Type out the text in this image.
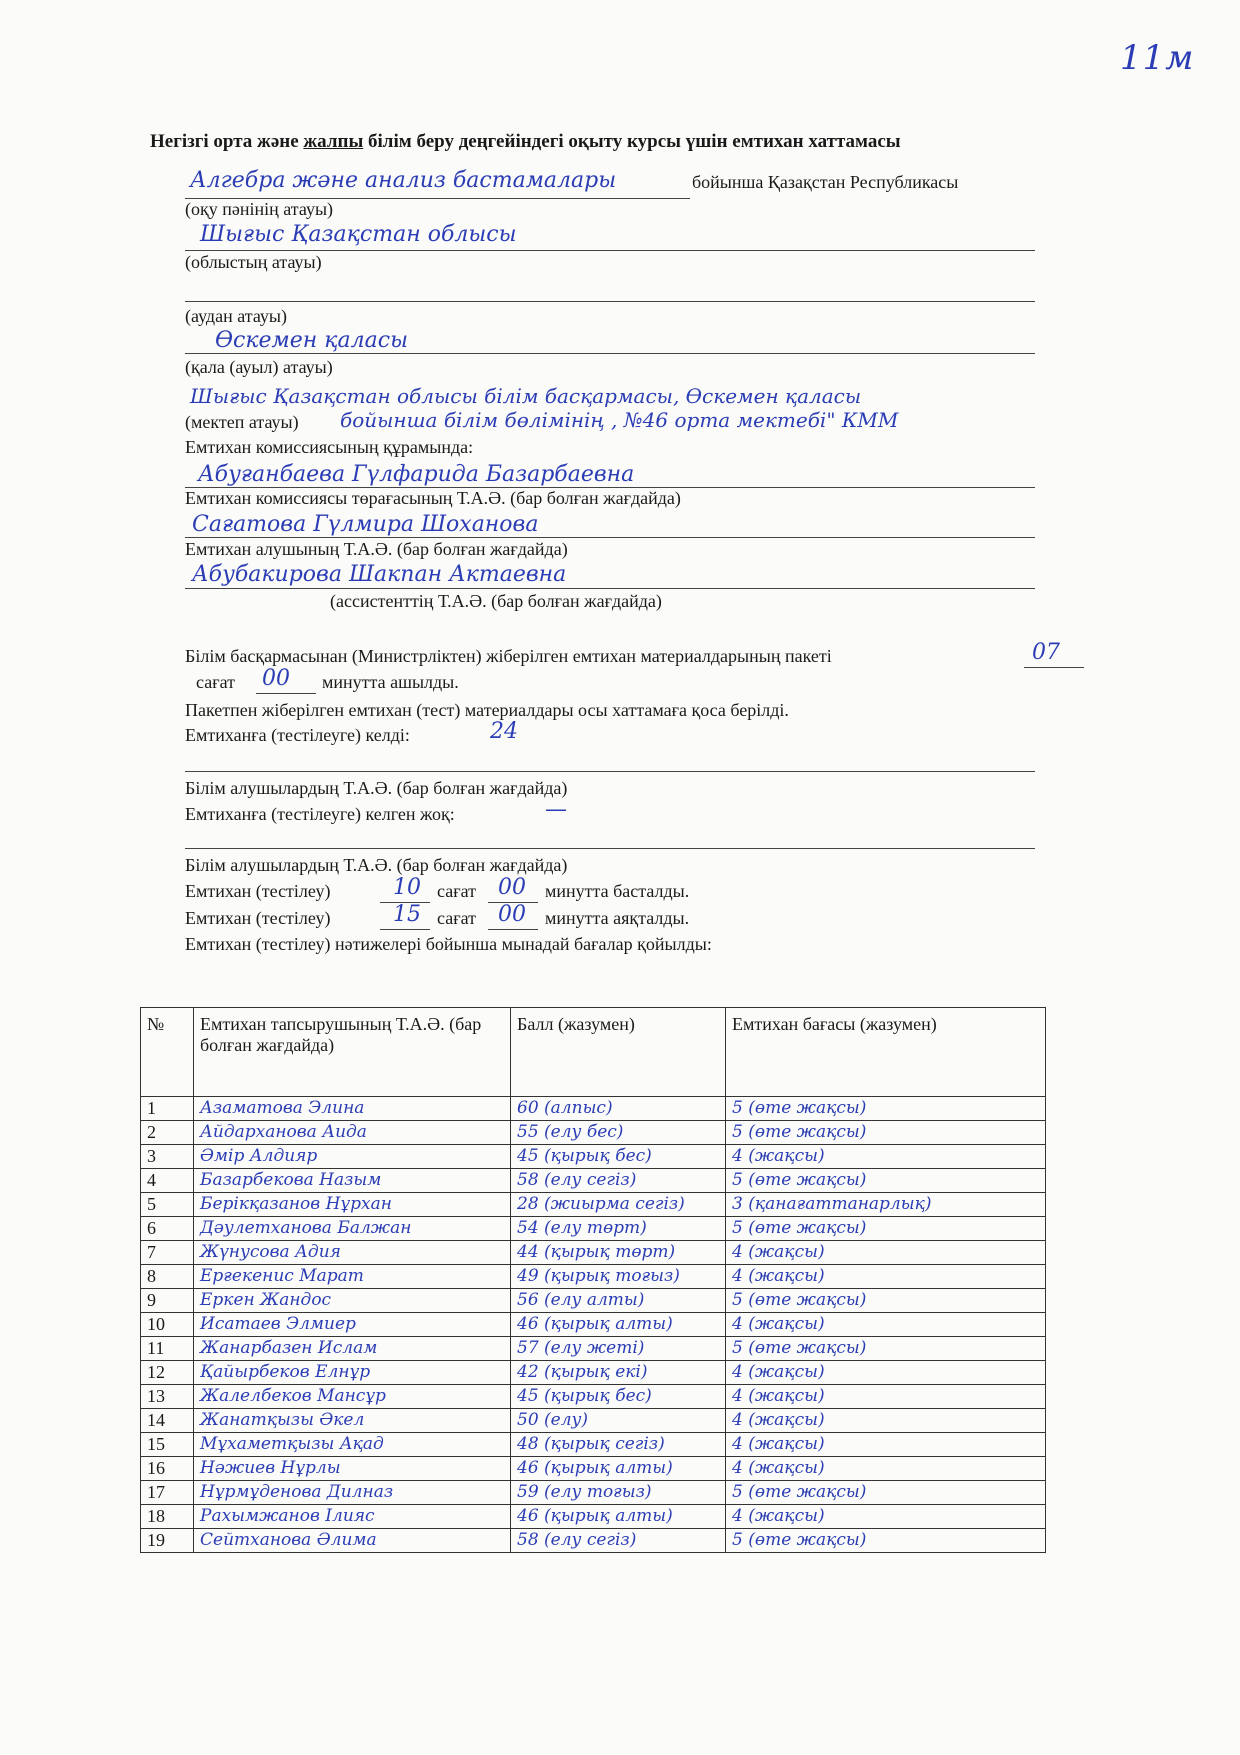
11м
Негізгі орта және жалпы білім беру деңгейіндегі оқыту курсы үшін емтихан хаттамасы
Алгебра және анализ бастамалары	бойынша Қазақстан Республикасы
(оқу пәнінің атауы)
Шығыс Қазақстан облысы
(облыстың атауы)
(аудан атауы)
Өскемен қаласы
(қала (ауыл) атауы)
Шығыс Қазақстан облысы білім басқармасы, Өскемен қаласы
(мектеп атауы) бойынша білім бөлімінің , №46 орта мектебі" КММ
Емтихан комиссиясының құрамында:
Абуғанбаева Гүлфарида Базарбаевна
Емтихан комиссиясы төрағасының Т.А.Ә. (бар болған жағдайда)
Сағатова Гүлмира Шоханова
Емтихан алушының Т.А.Ә. (бар болған жағдайда)
Абубакирова Шакпан Актаевна
(ассистенттің Т.А.Ә. (бар болған жағдайда)
Білім басқармасынан (Министрліктен) жіберілген емтихан материалдарының пакеті	07
сағат 00 минутта ашылды.
Пакетпен жіберілген емтихан (тест) материалдары осы хаттамаға қоса берілді.
Емтиханға (тестілеуге) келді:	24
Білім алушылардың Т.А.Ә. (бар болған жағдайда)
Емтиханға (тестілеуге) келген жоқ:	—
Білім алушылардың Т.А.Ә. (бар болған жағдайда)
Емтихан (тестілеу)	10 сағат 00 минутта басталды.
Емтихан (тестілеу)	15 сағат 00 минутта аяқталды.
Емтихан (тестілеу) нәтижелері бойынша мынадай бағалар қойылды:
№	Емтихан тапсырушының Т.А.Ә. (бар болған жағдайда)	Балл (жазумен)	Емтихан бағасы (жазумен)
1	Азаматова Элина	60 (алпыс)	5 (өте жақсы)
2	Айдарханова Аида	55 (елу бес)	5 (өте жақсы)
3	Әмір Алдияр	45 (қырық бес)	4 (жақсы)
4	Базарбекова Назым	58 (елу сегіз)	5 (өте жақсы)
5	Берікқазанов Нұрхан	28 (жиырма сегіз)	3 (қанағаттанарлық)
6	Дәулетханова Балжан	54 (елу төрт)	5 (өте жақсы)
7	Жүнусова Адия	44 (қырық төрт)	4 (жақсы)
8	Ерғекенис Марат	49 (қырық тоғыз)	4 (жақсы)
9	Еркен Жандос	56 (елу алты)	5 (өте жақсы)
10	Исатаев Элмиер	46 (қырық алты)	4 (жақсы)
11	Жанарбазен Ислам	57 (елу жеті)	5 (өте жақсы)
12	Қайырбеков Елнұр	42 (қырық екі)	4 (жақсы)
13	Жалелбеков Мансұр	45 (қырық бес)	4 (жақсы)
14	Жанатқызы Әкел	50 (елу)	4 (жақсы)
15	Мұхаметқызы Ақад	48 (қырық сегіз)	4 (жақсы)
16	Нәжиев Нұрлы	46 (қырық алты)	4 (жақсы)
17	Нұрмұденова Дилназ	59 (елу тоғыз)	5 (өте жақсы)
18	Рахымжанов Ілияс	46 (қырық алты)	4 (жақсы)
19	Сейтханова Әлима	58 (елу сегіз)	5 (өте жақсы)
